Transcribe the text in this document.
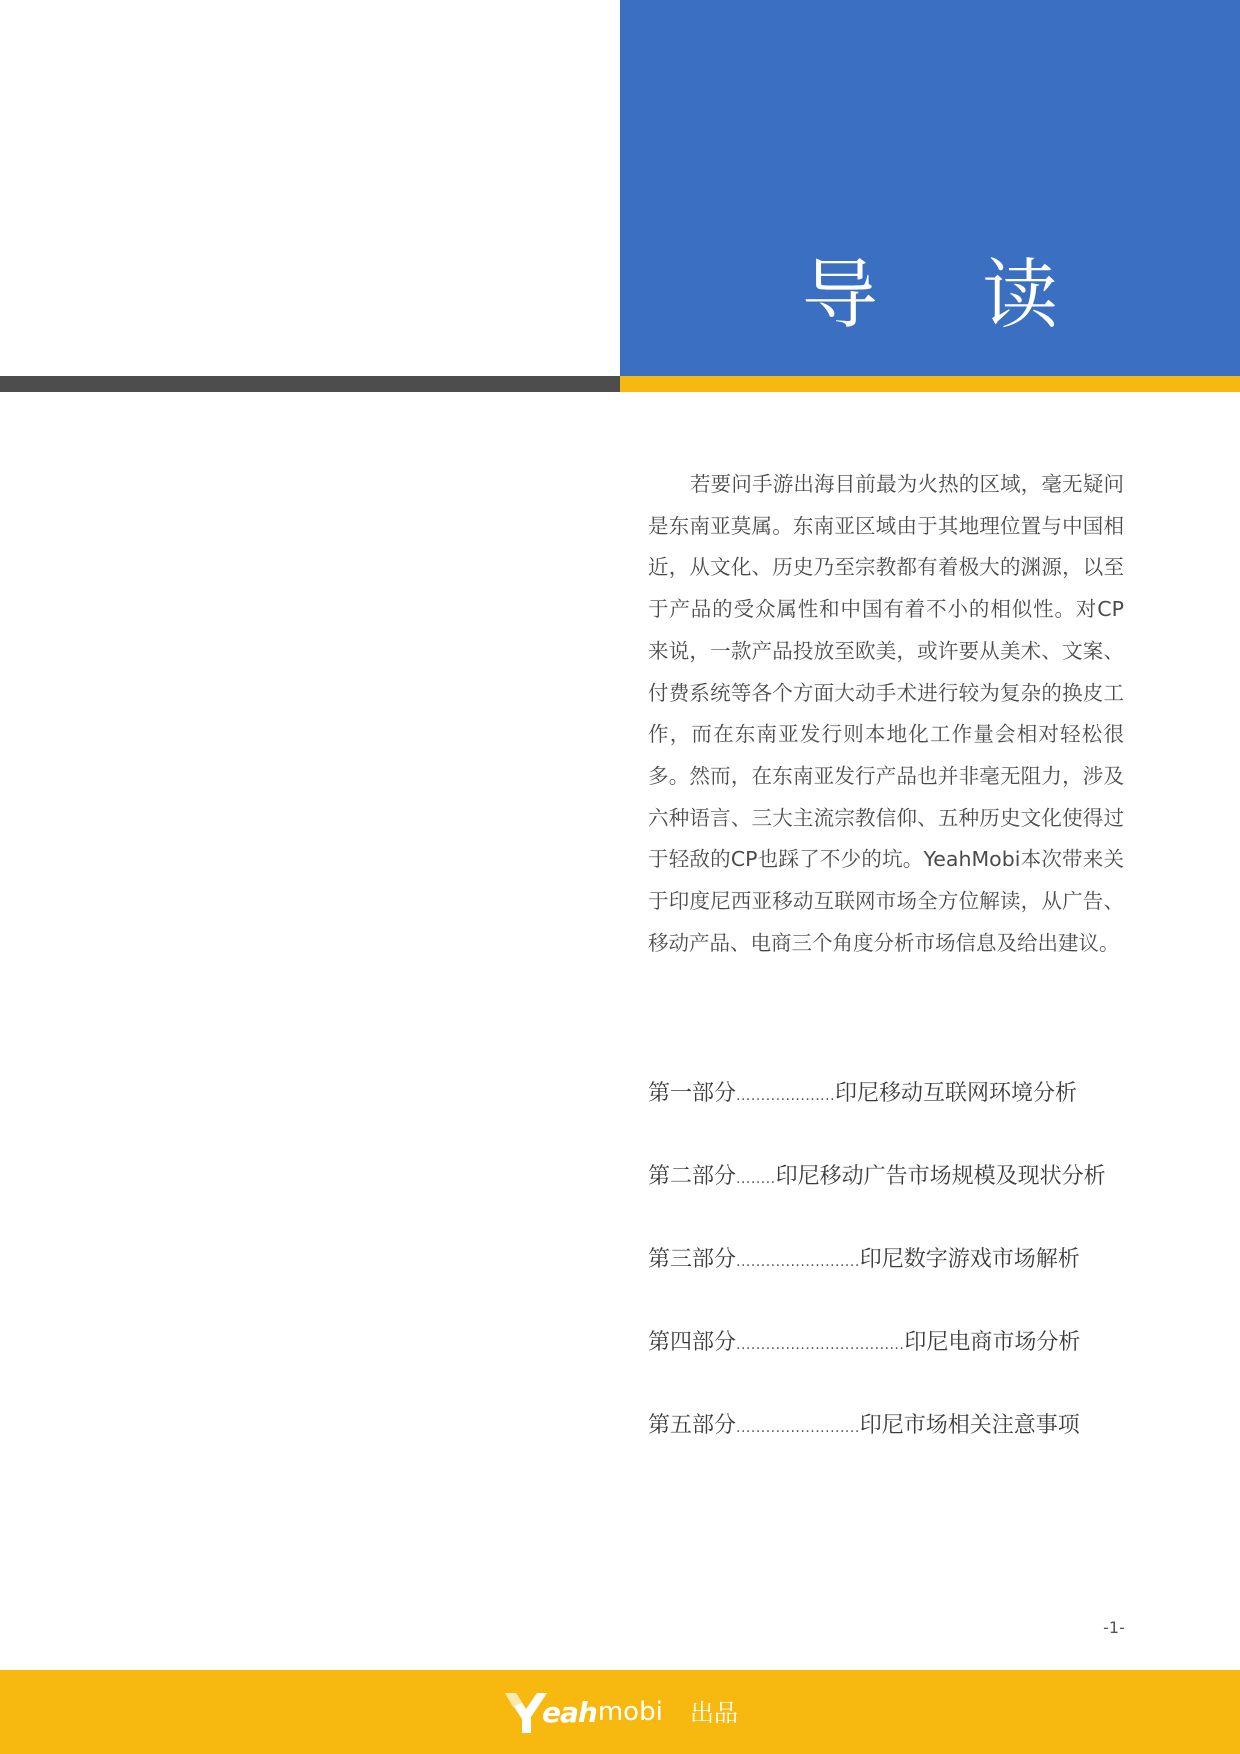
导 读

若要问手游出海目前最为火热的区域，毫无疑问是东南亚莫属。东南亚区域由于其地理位置与中国相近，从文化、历史乃至宗教都有着极大的渊源，以至于产品的受众属性和中国有着不小的相似性。对CP来说，一款产品投放至欧美，或许要从美术、文案、付费系统等各个方面大动手术进行较为复杂的换皮工作，而在东南亚发行则本地化工作量会相对轻松很多。然而，在东南亚发行产品也并非毫无阻力，涉及六种语言、三大主流宗教信仰、五种历史文化使得过于轻敌的CP也踩了不少的坑。YeahMobi本次带来关于印度尼西亚移动互联网市场全方位解读，从广告、移动产品、电商三个角度分析市场信息及给出建议。

第一部分 .................... 印尼移动互联网环境分析
第二部分 ........ 印尼移动广告市场规模及现状分析
第三部分 ......................... 印尼数字游戏市场解析
第四部分 .................................. 印尼电商市场分析
第五部分 ......................... 印尼市场相关注意事项
-1-
eah mobi 出品
